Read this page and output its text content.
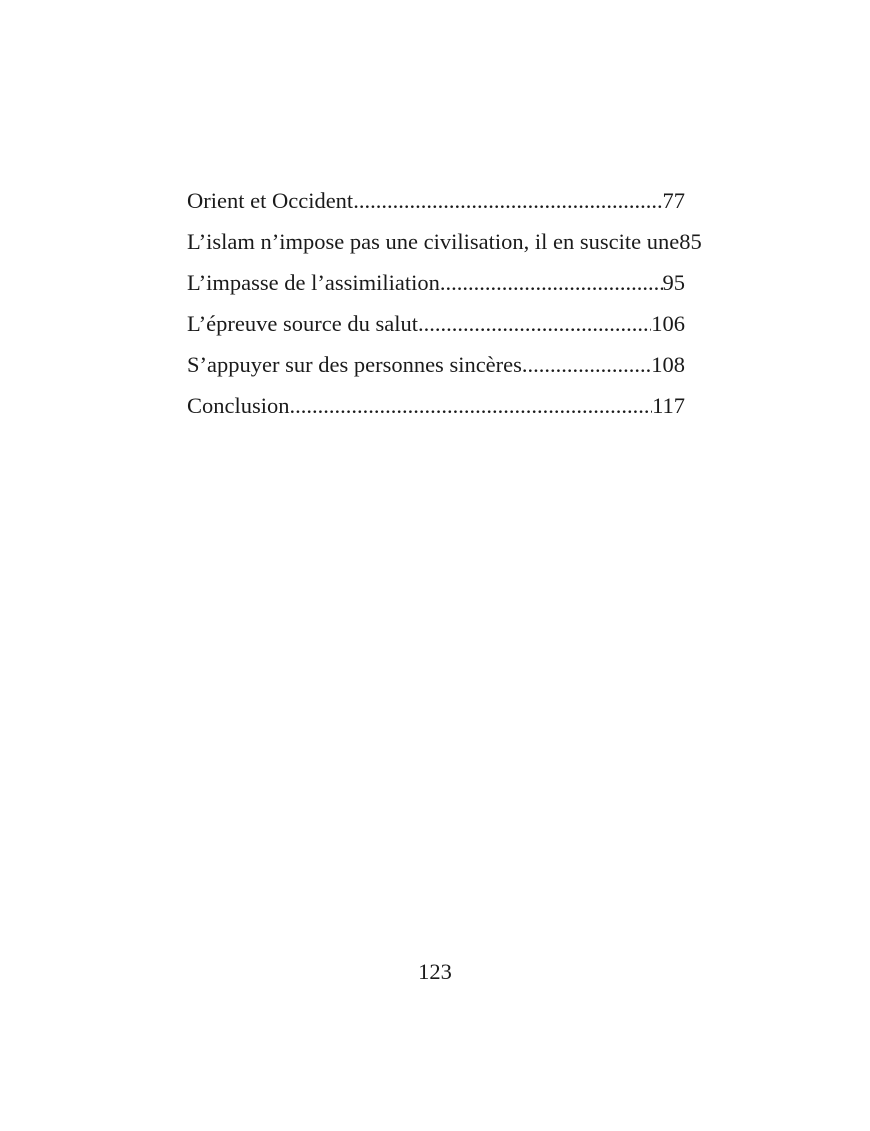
Orient et Occident .....	77
L’islam n’impose pas une civilisation, il en suscite une 85
L’impasse de l’assimiliation .....	95
L’épreuve source du salut .....	106
S’appuyer sur des personnes sincères .....	108
Conclusion .....	117
123
